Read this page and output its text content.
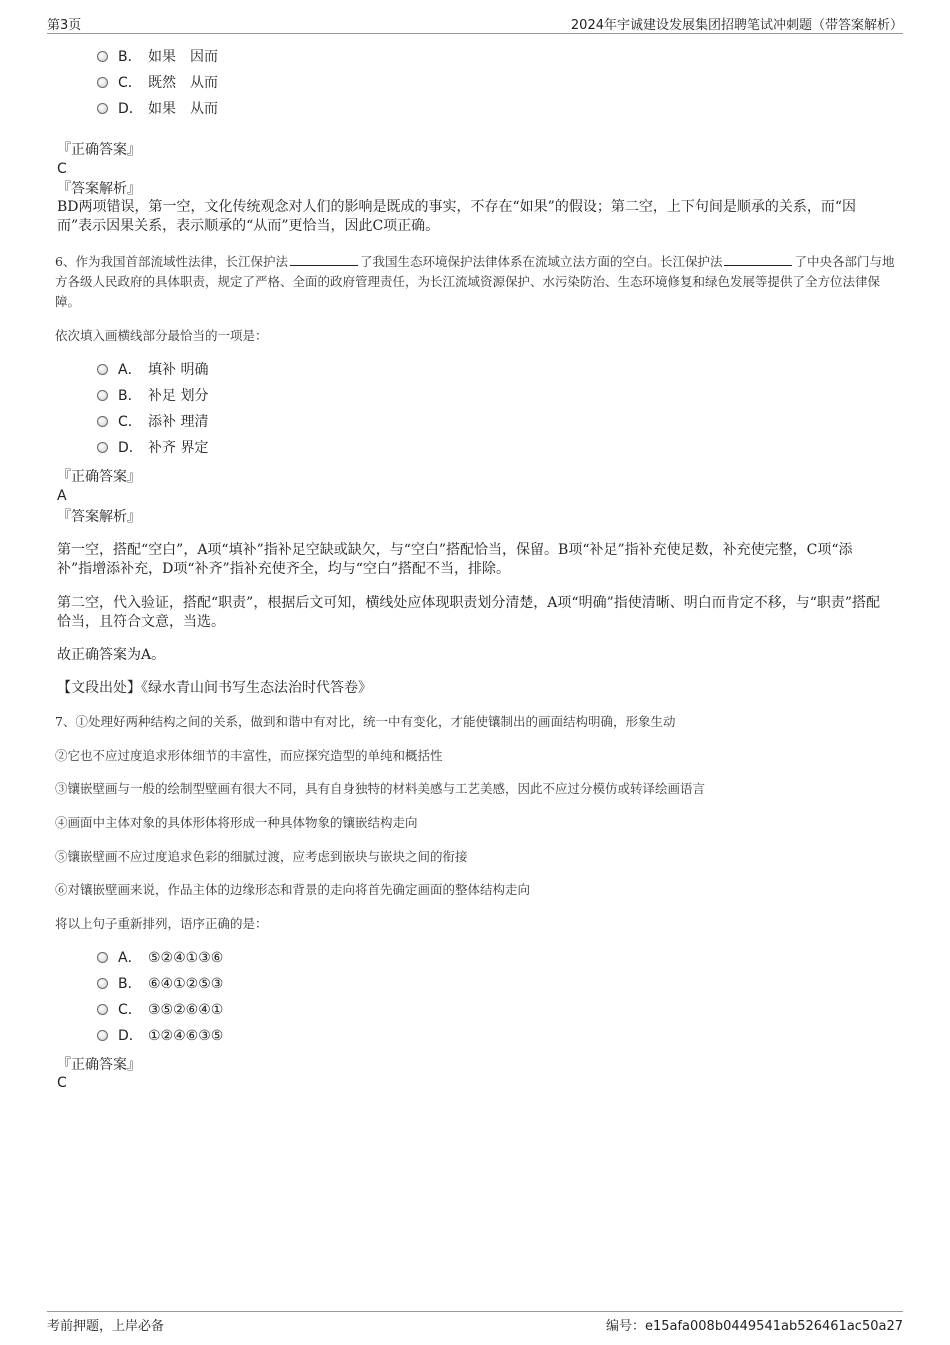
第3页	2024年宇诚建设发展集团招聘笔试冲刺题（带答案解析）
B． 如果　因而
C． 既然　从而
D． 如果　从而
『正确答案』
C
『答案解析』
BD两项错误，第一空，文化传统观念对人们的影响是既成的事实，不存在“如果”的假设；第二空，上下句间是顺承的关系，而“因而”表示因果关系，表示顺承的“从而”更恰当，因此C项正确。
6、作为我国首部流域性法律，长江保护法	了我国生态环境保护法律体系在流域立法方面的空白。长江保护法	了中央各部门与地方各级人民政府的具体职责，规定了严格、全面的政府管理责任，为长江流域资源保护、水污染防治、生态环境修复和绿色发展等提供了全方位法律保障。
依次填入画横线部分最恰当的一项是：
A． 填补 明确
B． 补足 划分
C． 添补 理清
D． 补齐 界定
『正确答案』
A
『答案解析』
第一空，搭配“空白”，A项“填补”指补足空缺或缺欠，与“空白”搭配恰当，保留。B项“补足”指补充使足数，补充使完整，C项“添补”指增添补充，D项“补齐”指补充使齐全，均与“空白”搭配不当，排除。
第二空，代入验证，搭配“职责”，根据后文可知，横线处应体现职责划分清楚，A项“明确”指使清晰、明白而肯定不移，与“职责”搭配恰当，且符合文意，当选。
故正确答案为A。
【文段出处】《绿水青山间书写生态法治时代答卷》
7、①处理好两种结构之间的关系，做到和谐中有对比，统一中有变化，才能使镶制出的画面结构明确，形象生动
②它也不应过度追求形体细节的丰富性，而应探究造型的单纯和概括性
③镶嵌壁画与一般的绘制型壁画有很大不同，具有自身独特的材料美感与工艺美感，因此不应过分模仿或转译绘画语言
④画面中主体对象的具体形体将形成一种具体物象的镶嵌结构走向
⑤镶嵌壁画不应过度追求色彩的细腻过渡，应考虑到嵌块与嵌块之间的衔接
⑥对镶嵌壁画来说，作品主体的边缘形态和背景的走向将首先确定画面的整体结构走向
将以上句子重新排列，语序正确的是：
A． ⑤②④①③⑥
B． ⑥④①②⑤③
C． ③⑤②⑥④①
D． ①②④⑥③⑤
『正确答案』
C
考前押题，上岸必备	编号：e15afa008b0449541ab526461ac50a27
